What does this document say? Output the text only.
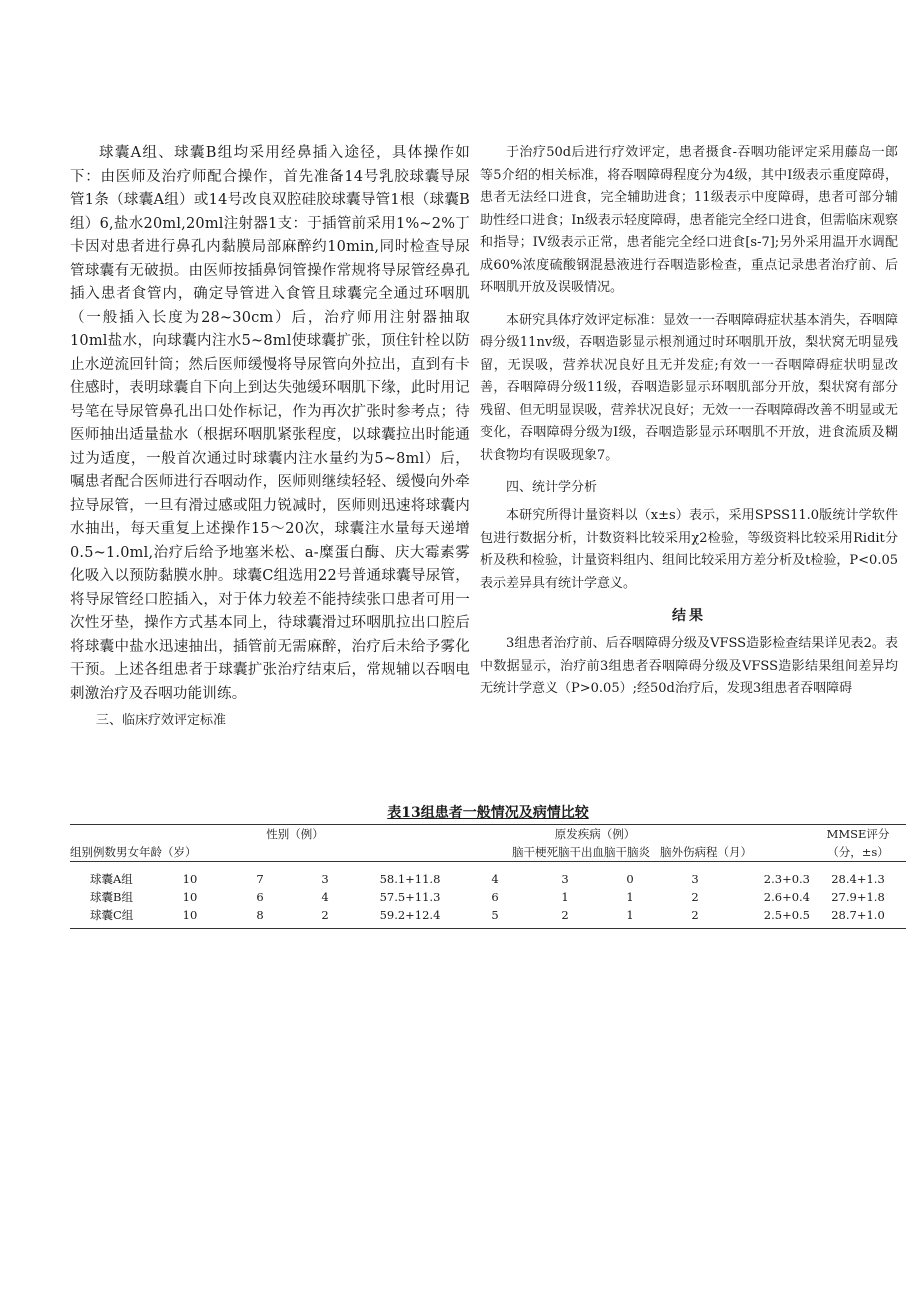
球囊A组、球囊B组均采用经鼻插入途径，具体操作如下：由医师及治疗师配合操作，首先准备14号乳胶球囊导尿管1条（球囊A组）或14号改良双腔硅胶球囊导管1根（球囊B组）6,盐水20ml,20ml注射器1支：于插管前采用1%~2%丁卡因对患者进行鼻孔内黏膜局部麻醉约10min,同时检查导尿管球囊有无破损。由医师按插鼻饲管操作常规将导尿管经鼻孔插入患者食管内，确定导管进入食管且球囊完全通过环咽肌（一般插入长度为28~30cm）后，治疗师用注射器抽取10ml盐水，向球囊内注水5~8ml使球囊扩张，顶住针栓以防止水逆流回针筒；然后医师缓慢将导尿管向外拉出，直到有卡住感时，表明球囊自下向上到达失弛缓环咽肌下缘，此时用记号笔在导尿管鼻孔出口处作标记，作为再次扩张时参考点；待医师抽出适量盐水（根据环咽肌紧张程度，以球囊拉出时能通过为适度，一般首次通过时球囊内注水量约为5~8ml）后，嘱患者配合医师进行吞咽动作，医师则继续轻轻、缓慢向外牵拉导尿管，一旦有滑过感或阻力锐减时，医师则迅速将球囊内水抽出，每天重复上述操作15～20次，球囊注水量每天递增0.5~1.0ml,治疗后给予地塞米松、a-糜蛋白酶、庆大霉素雾化吸入以预防黏膜水肿。球囊C组选用22号普通球囊导尿管，将导尿管经口腔插入，对于体力较差不能持续张口患者可用一次性牙垫，操作方式基本同上，待球囊滑过环咽肌拉出口腔后将球囊中盐水迅速抽出，插管前无需麻醉，治疗后未给予雾化干预。上述各组患者于球囊扩张治疗结束后，常规辅以吞咽电刺激治疗及吞咽功能训练。

三、临床疗效评定标准

于治疗50d后进行疗效评定，患者摄食-吞咽功能评定采用藤岛一郎等5介绍的相关标准，将吞咽障碍程度分为4级，其中I级表示重度障碍，患者无法经口进食，完全辅助进食；11级表示中度障碍，患者可部分辅助性经口进食；In级表示轻度障碍，患者能完全经口进食，但需临床观察和指导；IV级表示正常，患者能完全经口进食[s-7];另外采用温开水调配成60%浓度硫酸钢混悬液进行吞咽造影检查，重点记录患者治疗前、后环咽肌开放及误吸情况。

本研究具体疗效评定标准：显效一一吞咽障碍症状基本消失，吞咽障碍分级11nv级，吞咽造影显示根剂通过时环咽肌开放，梨状窝无明显残留，无误吸，营养状况良好且无并发症;有效一一吞咽障碍症状明显改善，吞咽障碍分级11级，吞咽造影显示环咽肌部分开放，梨状窝有部分残留、但无明显误吸，营养状况良好；无效一一吞咽障碍改善不明显或无变化，吞咽障碍分级为I级，吞咽造影显示环咽肌不开放，进食流质及糊状食物均有误吸现象7。

四、统计学分析

本研究所得计量资料以（x±s）表示，采用SPSS11.0版统计学软件包进行数据分析，计数资料比较采用χ2检验，等级资料比较采用Ridit分析及秩和检验，计量资料组内、组间比较采用方差分析及t检验，P<0.05表示差异具有统计学意义。

结果

3组患者治疗前、后吞咽障碍分级及VFSS造影检查结果详见表2。表中数据显示，治疗前3组患者吞咽障碍分级及VFSS造影结果组间差异均无统计学意义（P>0.05）;经50d治疗后，发现3组患者吞咽障碍

表13组患者一般情况及病情比较
		性别（例）		原发疾病（例）			MMSE评分
组别例数男女年龄（岁）				脑干梗死脑干出血脑干脑炎	脑外伤病程（月）		（分，±s）
球囊A组	10	7	3	58.1+11.8	4	3	0	3	2.3+0.3	28.4+1.3
球囊B组	10	6	4	57.5+11.3	6	1	1	2	2.6+0.4	27.9+1.8
球囊C组	10	8	2	59.2+12.4	5	2	1	2	2.5+0.5	28.7+1.0
